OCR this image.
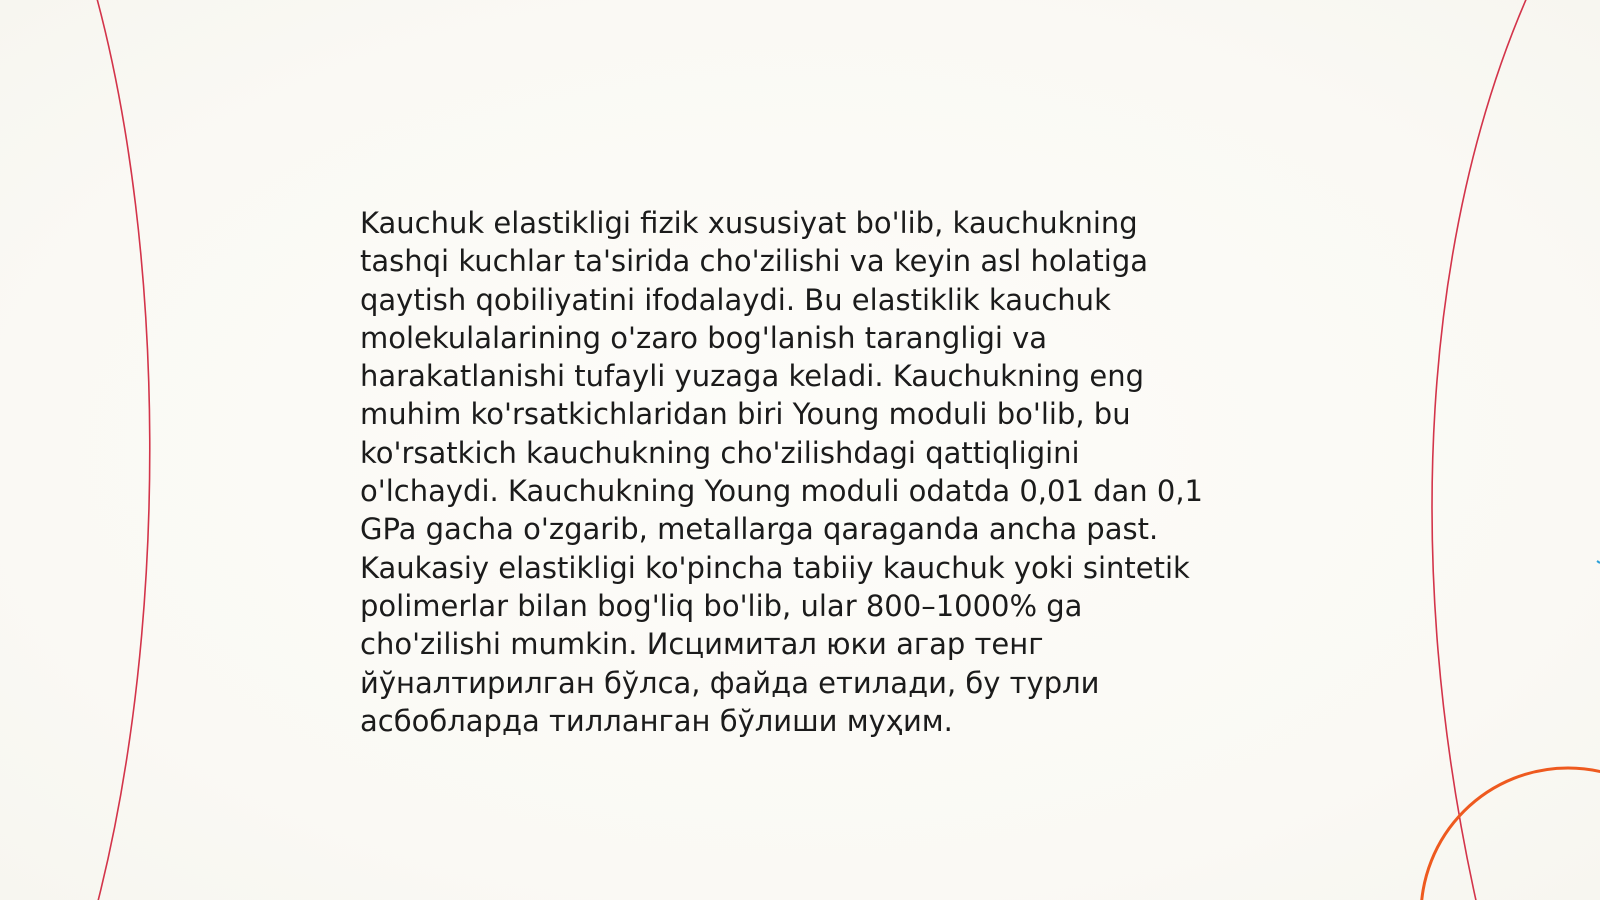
Kauchuk elastikligi fizik xususiyat bo'lib, kauchukning
tashqi kuchlar ta'sirida cho'zilishi va keyin asl holatiga
qaytish qobiliyatini ifodalaydi. Bu elastiklik kauchuk
molekulalarining o'zaro bog'lanish tarangligi va
harakatlanishi tufayli yuzaga keladi. Kauchukning eng
muhim ko'rsatkichlaridan biri Young moduli bo'lib, bu
ko'rsatkich kauchukning cho'zilishdagi qattiqligini
o'lchaydi. Kauchukning Young moduli odatda 0,01 dan 0,1
GPa gacha o'zgarib, metallarga qaraganda ancha past.
Kaukasiy elastikligi ko'pincha tabiiy kauchuk yoki sintetik
polimerlar bilan bog'liq bo'lib, ular 800–1000% ga
cho'zilishi mumkin. Исцимитал юки агар тенг
йўналтирилган бўлса, файда етилади, бу турли
асбобларда тилланган бўлиши муҳим.
